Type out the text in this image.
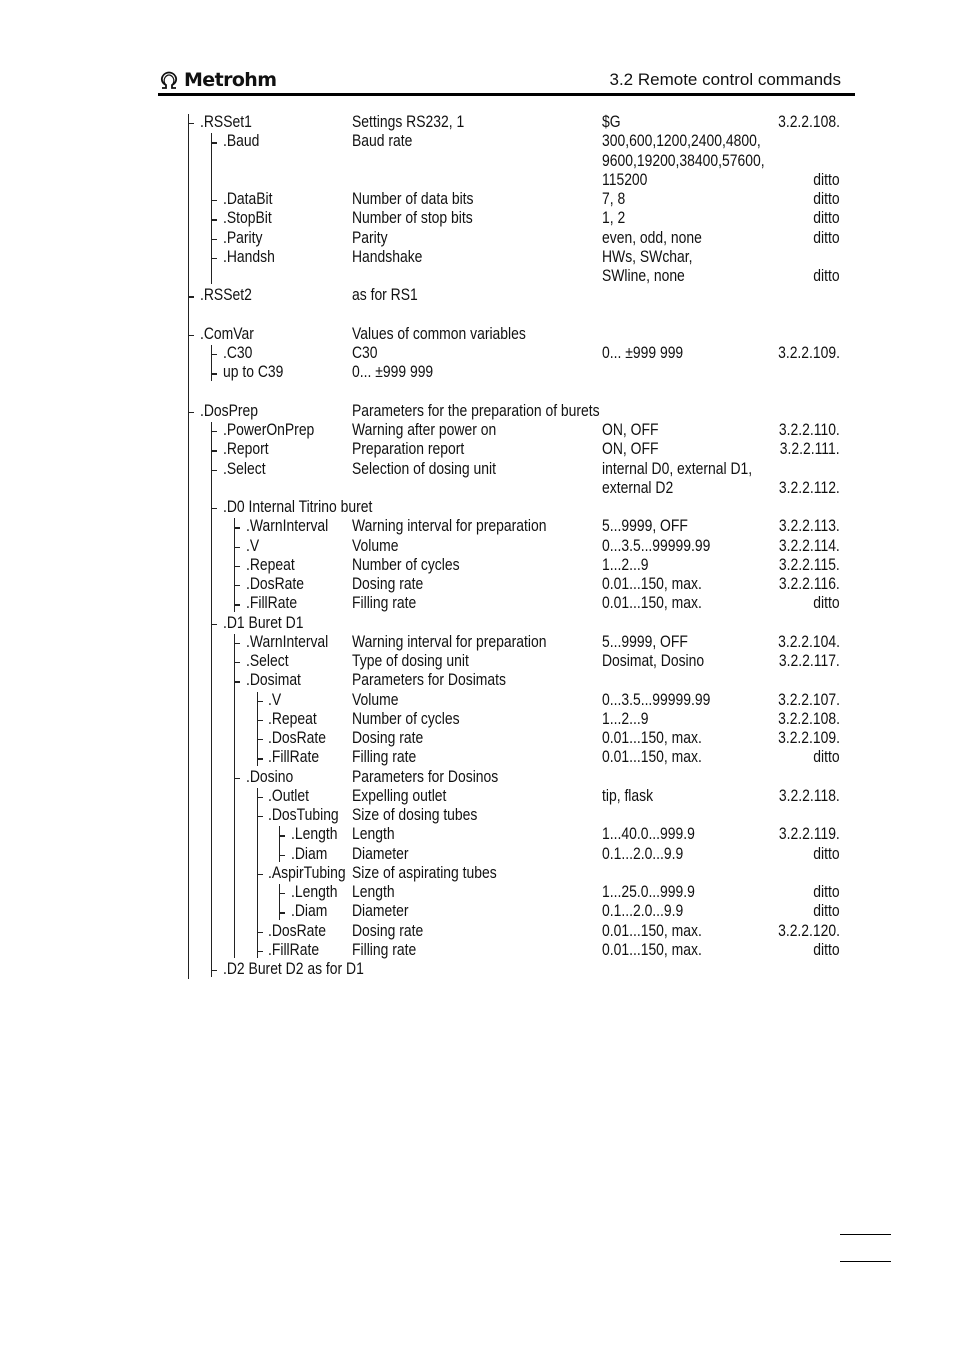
Metrohm	3.2 Remote control commands
.RSSet1	Settings RS232, 1	$G	3.2.2.108.
.Baud	Baud rate	300,600,1200,2400,4800,
9600,19200,38400,57600,
115200	ditto
.DataBit	Number of data bits	7, 8	ditto
.StopBit	Number of stop bits	1, 2	ditto
.Parity	Parity	even, odd, none	ditto
.Handsh	Handshake	HWs, SWchar,
SWline, none	ditto
.RSSet2	as for RS1
.ComVar	Values of common variables
.C30	C30	0... ±999 999	3.2.2.109.
up to C39	0... ±999 999
.DosPrep	Parameters for the preparation of burets
.PowerOnPrep Warning after power on	ON, OFF	3.2.2.110.
.Report	Preparation report	ON, OFF	3.2.2.111.
.Select	Selection of dosing unit	internal D0, external D1,
external D2	3.2.2.112.
.D0 Internal Titrino buret
.WarnInterval Warning interval for preparation	5...9999, OFF	3.2.2.113.
.V	Volume	0...3.5...99999.99	3.2.2.114.
.Repeat	Number of cycles	1...2...9	3.2.2.115.
.DosRate	Dosing rate	0.01...150, max.	3.2.2.116.
.FillRate	Filling rate	0.01...150, max.	ditto
.D1 Buret D1
.WarnInterval Warning interval for preparation	5...9999, OFF	3.2.2.104.
.Select	Type of dosing unit	Dosimat, Dosino	3.2.2.117.
.Dosimat	Parameters for Dosimats
.V	Volume	0...3.5...99999.99	3.2.2.107.
.Repeat Number of cycles	1...2...9	3.2.2.108.
.DosRate Dosing rate	0.01...150, max.	3.2.2.109.
.FillRate Filling rate	0.01...150, max.	ditto
.Dosino	Parameters for Dosinos
.Outlet	Expelling outlet	tip, flask	3.2.2.118.
.DosTubing Size of dosing tubes
.Length Length	1...40.0...999.9	3.2.2.119.
.Diam Diameter	0.1...2.0...9.9	ditto
.AspirTubing Size of aspirating tubes
.Length Length	1...25.0...999.9	ditto
.Diam Diameter	0.1...2.0...9.9	ditto
.DosRate Dosing rate	0.01...150, max.	3.2.2.120.
.FillRate Filling rate	0.01...150, max.	ditto
.D2 Buret D2 as for D1
